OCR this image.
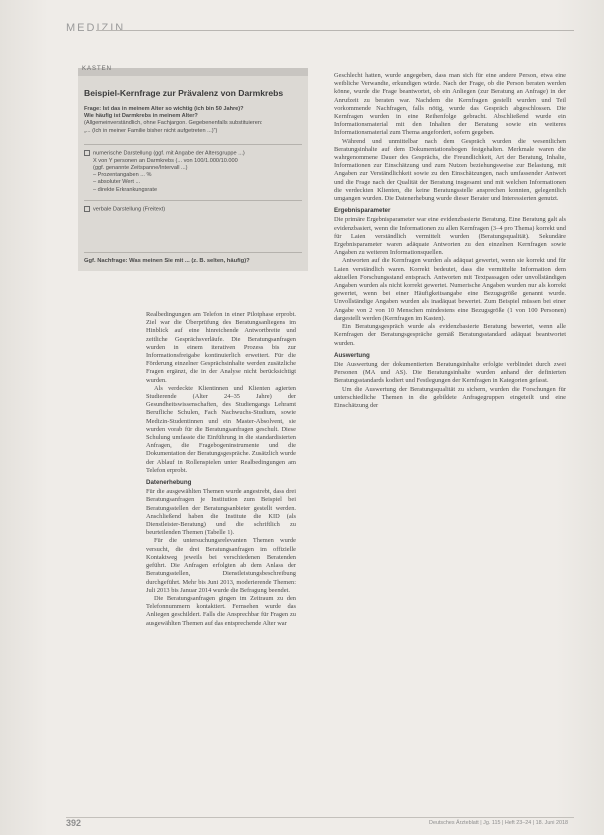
MEDIZIN
KASTEN
Beispiel-Kernfrage zur Prävalenz von Darmkrebs
Frage: Ist das in meinem Alter so wichtig (ich bin 50 Jahre)?
Wie häufig ist Darmkrebs in meinem Alter?
(Allgemeinverständlich, ohne Fachjargon. Gegebenenfalls substituieren:
„... (Ich in meiner Familie bisher nicht aufgetreten ...)“)
numerische Darstellung (ggf. mit Angabe der Altersgruppe ...)
X von Y personen an Darmkrebs (... von 100/1.000/10.000
(ggf. genannte Zeitspanne/Intervall ...)
– Prozentangaben ... %
– absoluter Wert ...
– direkte Erkrankungsrate
verbale Darstellung (Freitext)
Ggf. Nachfrage: Was meinen Sie mit ... (z. B. selten, häufig)?

Realbedingungen am Telefon in einer Pilotphase erprobt. Ziel war die Überprüfung des Beratungsanliegens im Hinblick auf eine hinreichende Antwortbreite und zeitliche Gesprächsverläufe. Die Beratungsanfragen wurden in einem iterativen Prozess bis zur Informationsfreigabe kontinuierlich erweitert. Für die Förderung einzelner Gesprächsinhalte werden zusätzliche Fragen ergänzt, die in der Analyse nicht berücksichtigt wurden.

Als verdeckte Klientinnen und Klienten agierten Studierende (Alter 24–35 Jahre) der Gesundheitswissenschaften, des Studiengangs Lehramt Berufliche Schulen, Fach Nachwuchs-Studium, sowie Medizin-Studentinnen und ein Master-Absolvent, sie wurden vorab für die Beratungsanfragen geschult. Diese Schulung umfasste die Einführung in die standardisierten Anfragen, die Fragebogeninstrumente und die Dokumentation der Beratungsgespräche. Zusätzlich wurde der Ablauf in Rollenspielen unter Realbedingungen am Telefon erprobt.

Datenerhebung

Für die ausgewählten Themen wurde angestrebt, dass drei Beratungsanfragen je Institution zum Beispiel bei Beratungsstellen der Beratungsanbieter gestellt werden. Anschließend haben die Institute die KID (als Dienstleister-Beratung) und die schriftlich zu beurteilenden Themen (Tabelle 1).

Für die untersuchungsrelevanten Themen wurde versucht, die drei Beratungsanfragen im offizielle Kontaktweg jeweils bei verschiedenen Beratenden geführt. Die Anfragen erfolgten ab dem Anlass der Beratungsstellen, Dienstleistungsbeschreibung durchgeführt. Mehr bis Juni 2013, moderierende Themen: Juli 2013 bis Januar 2014 wurde die Befragung beendet.

Die Beratungsanfragen gingen im Zeitraum zu den Telefonnummern kontaktiert. Fernsehen wurde das Anliegen geschildert. Falls die Ansprechbar für Fragen zu ausgewählten Themen auf das entsprechende Alter war

Geschlecht hatten, wurde angegeben, dass man sich für eine andere Person, etwa eine weibliche Verwandte, erkundigen würde. Nach der Frage, ob die Person beraten werden könne, wurde die Frage beantwortet, ob ein Anliegen (zur Beratung an Anfrage) in der Anrufzeit zu beraten war. Nachdem die Kernfragen gestellt wurden und Teil vorkommende Nachfragen, falls nötig, wurde das Gespräch abgeschlossen. Die Kernfragen wurden in eine Reihenfolge gebracht. Abschließend wurde ein Informationsmaterial mit den Inhalten der Beratung sowie ein weiteres Informationsmaterial zum Thema angefordert, sofern gegeben.

Während und unmittelbar nach dem Gespräch wurden die wesentlichen Beratungsinhalte auf dem Dokumentationsbogen festgehalten. Merkmale waren die wahrgenommene Dauer des Gesprächs, die Freundlichkeit, Art der Beratung, Inhalte, Informationen zur Einschätzung und zum Nutzen beziehungsweise zur Belastung, mit Angaben zur Verständlichkeit sowie zu den Einschätzungen, nach umfassender Antwort und die Frage nach der Qualität der Beratung insgesamt und mit welchen Informationen die verdeckten Klienten, die keine Beratungsstelle ansprechen konnten, gelegentlich umgangen wurden. Die Datenerhebung wurde dieser Berater und Interessierten genutzt.

Ergebnisparameter

Die primäre Ergebnisparameter war eine evidenzbasierte Beratung. Eine Beratung galt als evidenzbasiert, wenn die Informationen zu allen Kernfragen (3–4 pro Thema) korrekt und für Laien verständlich vermittelt wurden (Beratungsqualität). Sekundäre Ergebnisparameter waren adäquate Antworten zu den einzelnen Kernfragen sowie Angaben zu weiteren Informationsquellen.

Antworten auf die Kernfragen wurden als adäquat gewertet, wenn sie korrekt und für Laien verständlich waren. Korrekt bedeutet, dass die vermittelte Information dem aktuellen Forschungsstand entsprach. Antworten mit Textpassagen oder unvollständigen Angaben wurden als nicht korrekt gewertet. Numerische Angaben wurden nur als korrekt gewertet, wenn bei einer Häufigkeitsangabe eine Bezugsgröße genannt wurde. Unvollständige Angaben wurden als inadäquat bewertet. Zum Beispiel müssen bei einer Angabe von 2 von 10 Menschen mindestens eine Bezugsgröße (1 von 100 Personen) dargestellt werden (Kernfragen im Kasten).

Ein Beratungsgespräch wurde als evidenzbasierte Beratung bewertet, wenn alle Kernfragen der Beratungsgespräche gemäß Beratungsstandard adäquat beantwortet wurden.

Auswertung

Die Auswertung der dokumentierten Beratungsinhalte erfolgte verblindet durch zwei Personen (MA und AS). Die Beratungsinhalte wurden anhand der definierten Beratungsstandards kodiert und Festlegungen der Kernfragen in Kategorien gefasst.

Um die Auswertung der Beratungsqualität zu sichern, wurden die Forschungen für unterschiedliche Themen in die gebildete Anfragegruppen eingeteilt und eine Einschätzung der

392	Deutsches Ärzteblatt | Jg. 115 | Heft 23–24 | 18. Juni 2018
